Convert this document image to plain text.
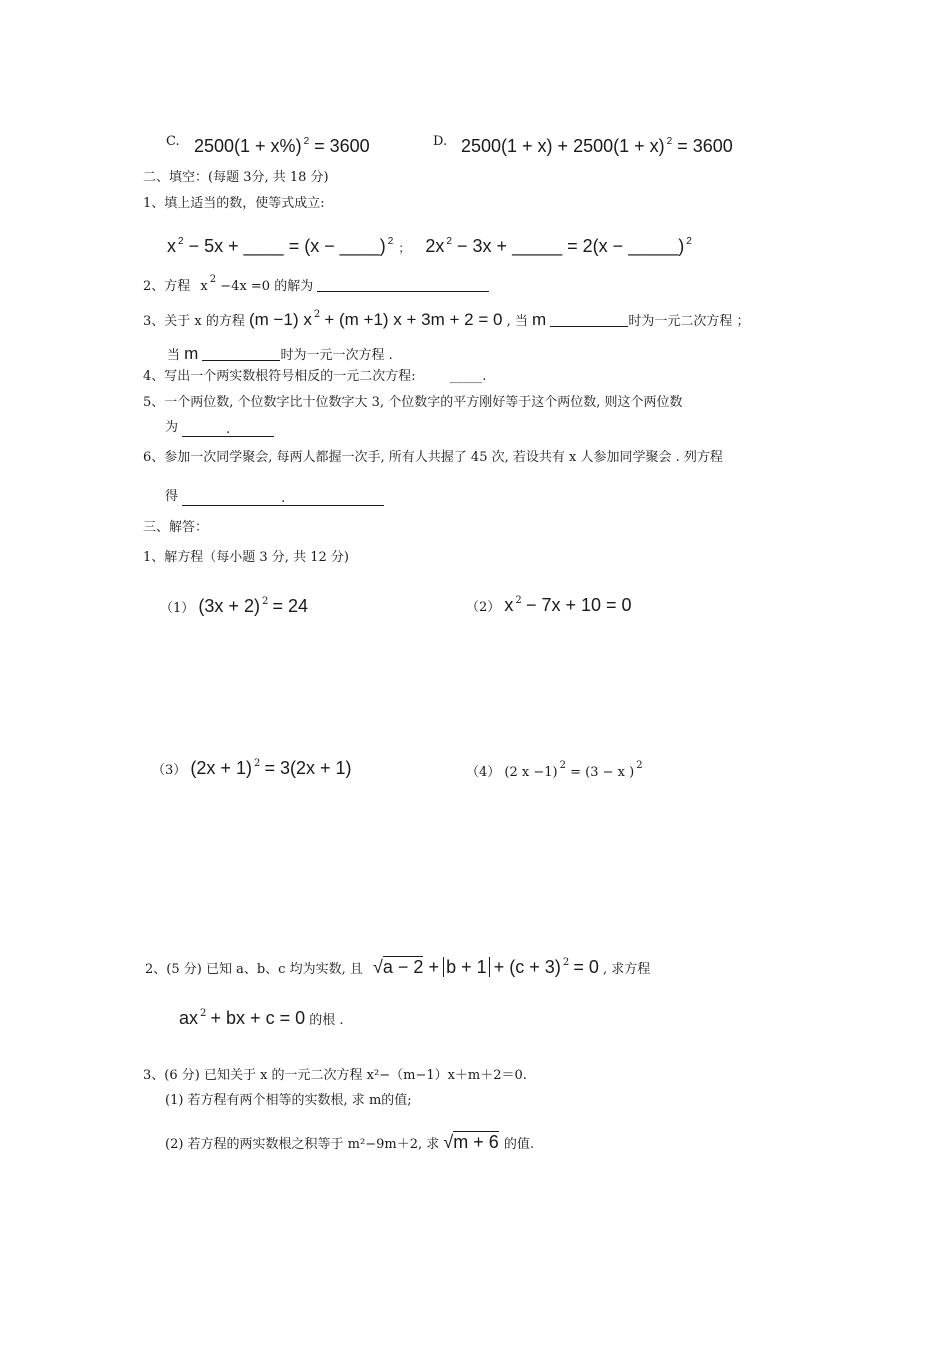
C. 2500(1 + x%) $^2$ = 3600	D. 2500(1 + x) + 2500(1 + x) $^2$ = 3600
二、填空：(每题 3分, 共 18 分)
1、填上适当的数，使等式成立:
x $^2$ − 5x + ____ = (x − ____) $^2$ ； 2x $^2$ − 3x + _____ = 2(x − _____) $^2$
2、方程 x $^2$ −4x =0 的解为
3、关于 x 的方程 (m −1) x $^2$ + (m +1) x + 3m + 2 = 0 , 当 m	时为一元二次方程 ；
当 m	时为一元一次方程 .
4、写出一个两实数根符号相反的一元二次方程:	_____.
5、一个两位数, 个位数字比十位数字大 3, 个位数字的平方刚好等于这个两位数, 则这个两位数
为	.
6、参加一次同学聚会, 每两人都握一次手, 所有人共握了 45 次, 若设共有 x 人参加同学聚会 . 列方程
得	.
三、解答：
1、解方程（每小题 3 分, 共 12 分)
（1） (3x + 2) $^2$ = 24	（2） x $^2$ − 7x + 10 = 0
（3） (2x + 1) $^2$ = 3(2x + 1)	（4） (2 x −1) $^2$ = (3 − x ) $^2$
2、(5 分) 已知 a、b、c 均为实数, 且 √a − 2 + b + 1 + (c + 3) $^2$ = 0 , 求方程
ax $^2$ + bx + c = 0 的根 .
3、(6 分) 已知关于 x 的一元二次方程 x²−（m−1）x＋m＋2＝0.
(1) 若方程有两个相等的实数根, 求 m的值;
(2) 若方程的两实数根之积等于 m²−9m＋2, 求 √m + 6 的值.
